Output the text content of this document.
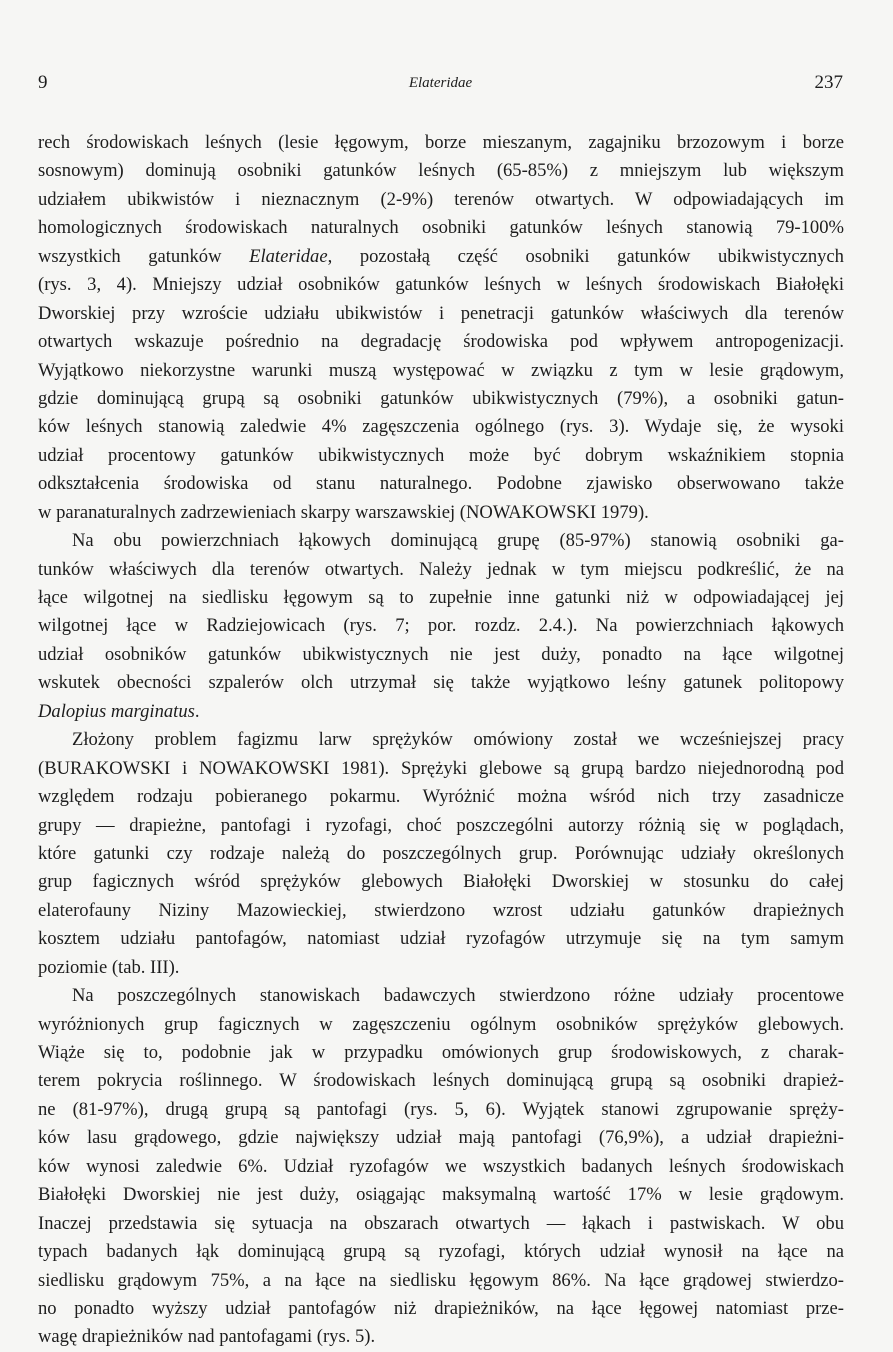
9	Elateridae	237
rech środowiskach leśnych (lesie łęgowym, borze mieszanym, zagajniku brzozowym i borze
sosnowym) dominują osobniki gatunków leśnych (65-85%) z mniejszym lub większym
udziałem ubikwistów i nieznacznym (2-9%) terenów otwartych. W odpowiadających im
homologicznych środowiskach naturalnych osobniki gatunków leśnych stanowią 79-100%
wszystkich gatunków Elateridae, pozostałą część osobniki gatunków ubikwistycznych
(rys. 3, 4). Mniejszy udział osobników gatunków leśnych w leśnych środowiskach Białołęki
Dworskiej przy wzroście udziału ubikwistów i penetracji gatunków właściwych dla terenów
otwartych wskazuje pośrednio na degradację środowiska pod wpływem antropogenizacji.
Wyjątkowo niekorzystne warunki muszą występować w związku z tym w lesie grądowym,
gdzie dominującą grupą są osobniki gatunków ubikwistycznych (79%), a osobniki gatun-
ków leśnych stanowią zaledwie 4% zagęszczenia ogólnego (rys. 3). Wydaje się, że wysoki
udział procentowy gatunków ubikwistycznych może być dobrym wskaźnikiem stopnia
odkształcenia środowiska od stanu naturalnego. Podobne zjawisko obserwowano także
w paranaturalnych zadrzewieniach skarpy warszawskiej (NOWAKOWSKI 1979).
Na obu powierzchniach łąkowych dominującą grupę (85-97%) stanowią osobniki ga-
tunków właściwych dla terenów otwartych. Należy jednak w tym miejscu podkreślić, że na
łące wilgotnej na siedlisku łęgowym są to zupełnie inne gatunki niż w odpowiadającej jej
wilgotnej łące w Radziejowicach (rys. 7; por. rozdz. 2.4.). Na powierzchniach łąkowych
udział osobników gatunków ubikwistycznych nie jest duży, ponadto na łące wilgotnej
wskutek obecności szpalerów olch utrzymał się także wyjątkowo leśny gatunek politopowy
Dalopius marginatus.
Złożony problem fagizmu larw sprężyków omówiony został we wcześniejszej pracy
(BURAKOWSKI i NOWAKOWSKI 1981). Sprężyki glebowe są grupą bardzo niejednorodną pod
względem rodzaju pobieranego pokarmu. Wyróżnić można wśród nich trzy zasadnicze
grupy — drapieżne, pantofagi i ryzofagi, choć poszczególni autorzy różnią się w poglądach,
które gatunki czy rodzaje należą do poszczególnych grup. Porównując udziały określonych
grup fagicznych wśród sprężyków glebowych Białołęki Dworskiej w stosunku do całej
elaterofauny Niziny Mazowieckiej, stwierdzono wzrost udziału gatunków drapieżnych
kosztem udziału pantofagów, natomiast udział ryzofagów utrzymuje się na tym samym
poziomie (tab. III).
Na poszczególnych stanowiskach badawczych stwierdzono różne udziały procentowe
wyróżnionych grup fagicznych w zagęszczeniu ogólnym osobników sprężyków glebowych.
Wiąże się to, podobnie jak w przypadku omówionych grup środowiskowych, z charak-
terem pokrycia roślinnego. W środowiskach leśnych dominującą grupą są osobniki drapież-
ne (81-97%), drugą grupą są pantofagi (rys. 5, 6). Wyjątek stanowi zgrupowanie spręży-
ków lasu grądowego, gdzie największy udział mają pantofagi (76,9%), a udział drapieżni-
ków wynosi zaledwie 6%. Udział ryzofagów we wszystkich badanych leśnych środowiskach
Białołęki Dworskiej nie jest duży, osiągając maksymalną wartość 17% w lesie grądowym.
Inaczej przedstawia się sytuacja na obszarach otwartych — łąkach i pastwiskach. W obu
typach badanych łąk dominującą grupą są ryzofagi, których udział wynosił na łące na
siedlisku grądowym 75%, a na łące na siedlisku łęgowym 86%. Na łące grądowej stwierdzo-
no ponadto wyższy udział pantofagów niż drapieżników, na łące łęgowej natomiast prze-
wagę drapieżników nad pantofagami (rys. 5).
